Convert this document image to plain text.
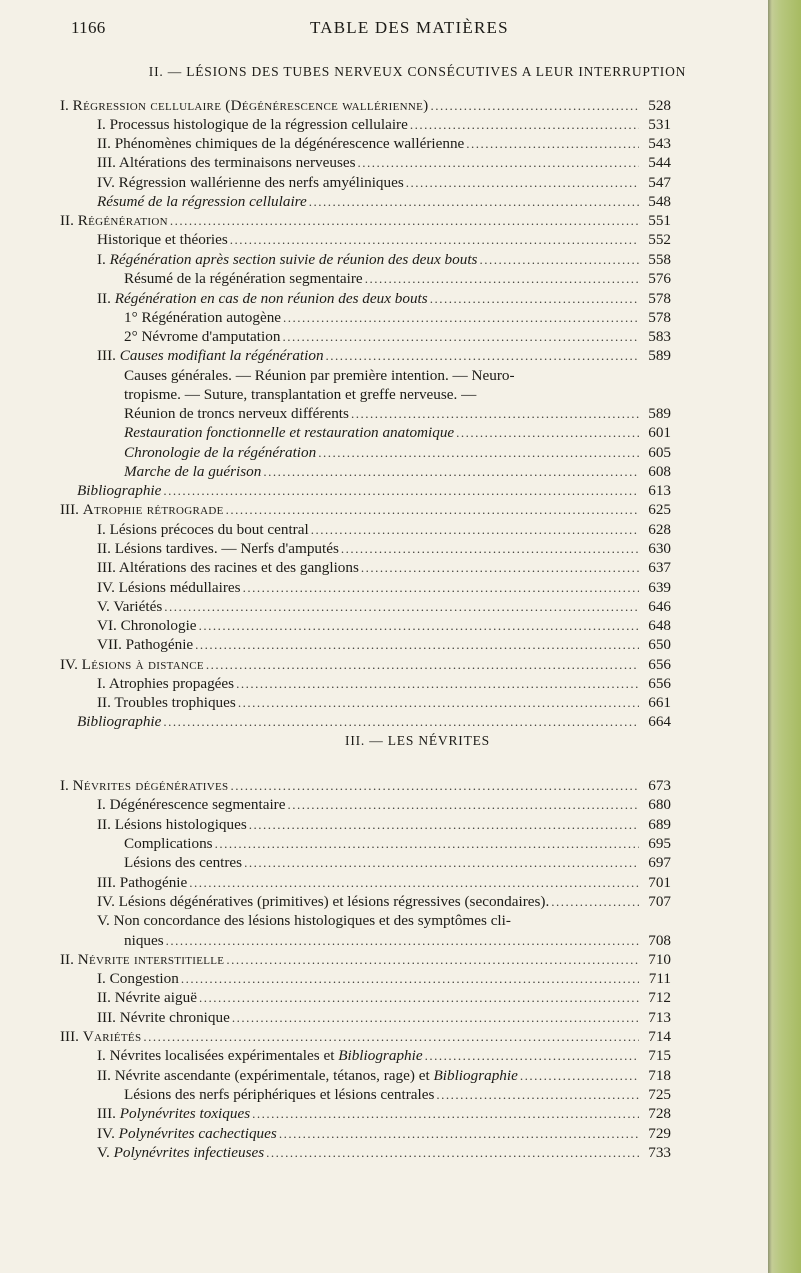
1166	TABLE DES MATIÈRES
II. — LÉSIONS DES TUBES NERVEUX CONSÉCUTIVES A LEUR INTERRUPTION
I. Régression cellulaire (Dégénérescence wallérienne) .....	528
I. Processus histologique de la régression cellulaire .....	531
II. Phénomènes chimiques de la dégénérescence wallérienne .....	543
III. Altérations des terminaisons nerveuses .....	544
IV. Régression wallérienne des nerfs amyéliniques .....	547
Résumé de la régression cellulaire .....	548
II. Régénération .....	551
Historique et théories .....	552
I. Régénération après section suivie de réunion des deux bouts .....	558
Résumé de la régénération segmentaire .....	576
II. Régénération en cas de non réunion des deux bouts .....	578
1° Régénération autogène .....	578
2° Névrome d'amputation .....	583
III. Causes modifiant la régénération .....	589
Causes générales. — Réunion par première intention. — Neuro-
tropisme. — Suture, transplantation et greffe nerveuse. —
Réunion de troncs nerveux différents .....	589
Restauration fonctionnelle et restauration anatomique .....	601
Chronologie de la régénération .....	605
Marche de la guérison .....	608
Bibliographie .....	613
III. Atrophie rétrograde .....	625
I. Lésions précoces du bout central .....	628
II. Lésions tardives. — Nerfs d'amputés .....	630
III. Altérations des racines et des ganglions .....	637
IV. Lésions médullaires .....	639
V. Variétés .....	646
VI. Chronologie .....	648
VII. Pathogénie .....	650
IV. Lésions à distance .....	656
I. Atrophies propagées .....	656
II. Troubles trophiques .....	661
Bibliographie .....	664
III. — LES NÉVRITES
I. Névrites dégénératives .....	673
I. Dégénérescence segmentaire .....	680
II. Lésions histologiques .....	689
Complications .....	695
Lésions des centres .....	697
III. Pathogénie .....	701
IV. Lésions dégénératives (primitives) et lésions régressives (secondaires). .....	707
V. Non concordance des lésions histologiques et des symptômes cli-
niques .....	708
II. Névrite interstitielle .....	710
I. Congestion .....	711
II. Névrite aiguë .....	712
III. Névrite chronique .....	713
III. Variétés .....	714
I. Névrites localisées expérimentales et Bibliographie .....	715
II. Névrite ascendante (expérimentale, tétanos, rage) et Bibliographie .....	718
Lésions des nerfs périphériques et lésions centrales .....	725
III. Polynévrites toxiques .....	728
IV. Polynévrites cachectiques .....	729
V. Polynévrites infectieuses .....	733
